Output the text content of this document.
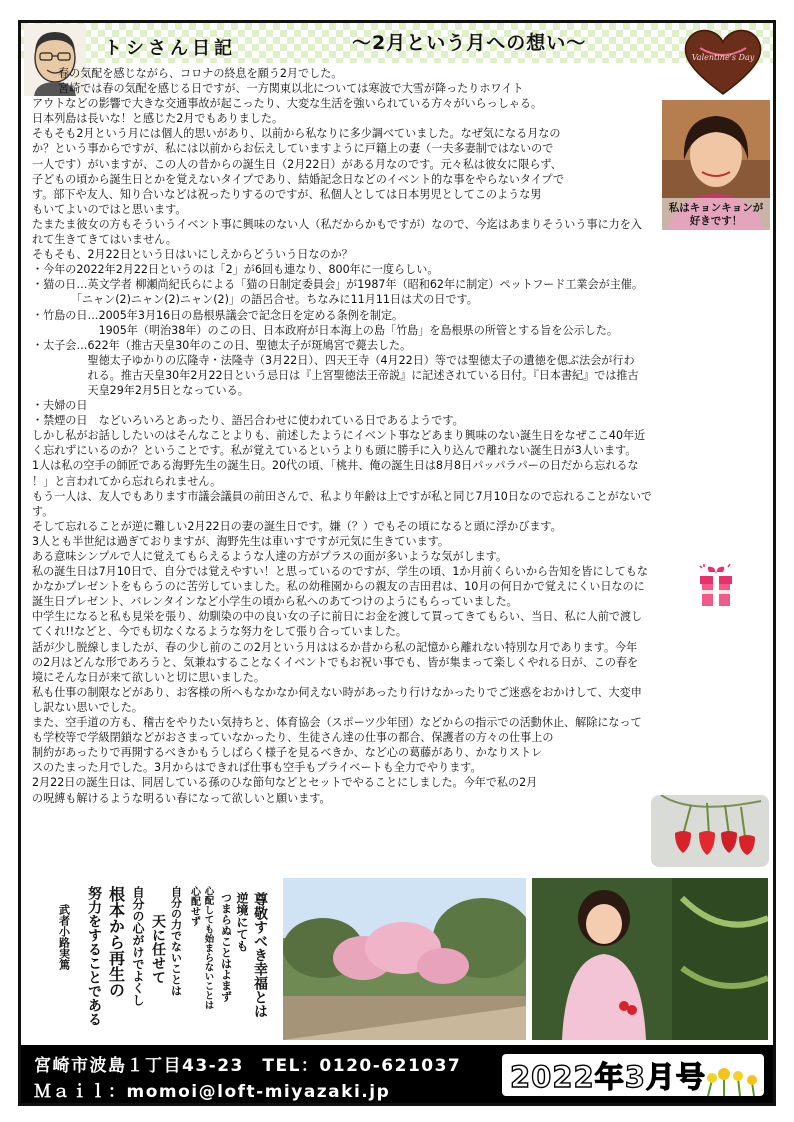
トシさん日記	～2月という月への想い～
Valentine's Day
私はキョンキョンが
好きです！

春の気配を感じながら、コロナの終息を願う2月でした。

宮崎では春の気配を感じる日ですが、一方関東以北については寒波で大雪が降ったりホワイト

アウトなどの影響で大きな交通事故が起こったり、大変な生活を強いられている方々がいらっしゃる。

日本列島は長いな！と感じた2月でもありました。

そもそも2月という月には個人的思いがあり、以前から私なりに多少調べていました。なぜ気になる月なの

か？という事からですが、私には以前からお伝えしていますように戸籍上の妻（一夫多妻制ではないので

一人です）がいますが、この人の昔からの誕生日（2月22日）がある月なのです。元々私は彼女に限らず、

子どもの頃から誕生日とかを覚えないタイプであり、結婚記念日などのイベント的な事をやらないタイプで

す。部下や友人、知り合いなどは祝ったりするのですが、私個人としては日本男児としてこのような男

もいてよいのではと思います。

たまたま彼女の方もそういうイベント事に興味のない人（私だからかもですが）なので、今迄はあまりそういう事に力を入

れて生きてきてはいません。

そもそも、2月22日という日はいにしえからどういう日なのか？

・今年の2022年2月22日というのは「2」が6回も連なり、800年に一度らしい。

・猫の日…英文学者 柳瀬尚紀氏らによる「猫の日制定委員会」が1987年（昭和62年に制定）ペットフード工業会が主催。

　　　　「ニャン(2)ニャン(2)ニャン(2)」の語呂合せ。ちなみに11月11日は犬の日です。

・竹島の日…2005年3月16日の島根県議会で記念日を定める条例を制定。

　　　　　　1905年（明治38年）のこの日、日本政府が日本海上の島「竹島」を島根県の所管とする旨を公示した。

・太子会…622年（推古天皇30年のこの日、聖徳太子が斑鳩宮で薨去した。

　　　　　聖徳太子ゆかりの広隆寺・法隆寺（3月22日）、四天王寺（4月22日）等では聖徳太子の遺徳を偲ぶ法会が行わ

　　　　　れる。推古天皇30年2月22日という忌日は『上宮聖徳法王帝説』に記述されている日付。『日本書紀』では推古

　　　　　天皇29年2月5日となっている。

・夫婦の日

・禁煙の日　などいろいろとあったり、語呂合わせに使われている日であるようです。

しかし私がお話ししたいのはそんなことよりも、前述したようにイベント事などあまり興味のない誕生日をなぜここ40年近

く忘れずにいるのか？ということです。私が覚えているというよりも頭に勝手に入り込んで離れない誕生日が3人います。

1人は私の空手の師匠である海野先生の誕生日。20代の頃、「桃井、俺の誕生日は8月8日パッパラパーの日だから忘れるな

！」と言われてから忘れられません。

もう一人は、友人でもあります市議会議員の前田さんで、私より年齢は上ですが私と同じ7月10日なので忘れることがないで

す。

そして忘れることが逆に難しい2月22日の妻の誕生日です。嫌（？）でもその頃になると頭に浮かびます。

3人とも半世紀は過ぎておりますが、海野先生は車いすですが元気に生きています。

ある意味シンプルで人に覚えてもらえるような人達の方がプラスの面が多いような気がします。

私の誕生日は7月10日で、自分では覚えやすい！と思っているのですが、学生の頃、1か月前くらいから告知を皆にしてもな

かなかプレゼントをもらうのに苦労していました。私の幼稚園からの親友の吉田君は、10月の何日かで覚えにくい日なのに

誕生日プレゼント、バレンタインなど小学生の頃から私へのあてつけのようにもらっていました。

中学生になると私も見栄を張り、幼馴染の中の良い女の子に前日にお金を渡して買ってきてもらい、当日、私に人前で渡し

てくれ!!などと、今でも切なくなるような努力をして張り合っていました。

話が少し脱線しましたが、春の少し前のこの2月という月ははるか昔から私の記憶から離れない特別な月であります。今年

の2月はどんな形であろうと、気兼ねすることなくイベントでもお祝い事でも、皆が集まって楽しくやれる日が、この春を

境にそんな日が来て欲しいと切に思いました。

私も仕事の制限などがあり、お客様の所へもなかなか伺えない時があったり行けなかったりでご迷惑をおかけして、大変申

し訳ない思いでした。

また、空手道の方も、稽古をやりたい気持ちと、体育協会（スポーツ少年団）などからの指示での活動休止、解除になって

も学校等で学級閉鎖などがおさまっていなかったり、生徒さん達の仕事の都合、保護者の方々の仕事上の

制約があったりで再開するべきかもうしばらく様子を見るべきか、など心の葛藤があり、かなりストレ

スのたまった月でした。3月からはできれば仕事も空手もプライベートも全力でやります。

2月22日の誕生日は、同居している孫のひな節句などとセットでやることにしました。今年で私の2月

の呪縛も解けるような明るい春になって欲しいと願います。

尊敬すべき幸福とは
逆境にても
つまらぬことはよまず
心配しても始まらないことは
心配せず
自分の力でないことは
天に任せて
自分の心がけでよくし
根本から再生の
努力をすることである
武者小路実篤
宮崎市波島１丁目43-23　TEL：0120-621037
Ｍａｉｌ：momoi@loft-miyazaki.jp	2022年3月号
